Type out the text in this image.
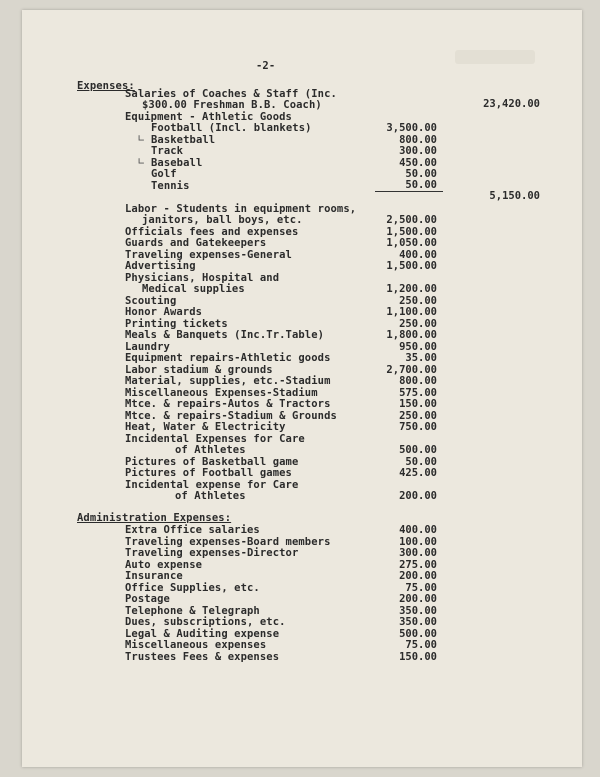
-2-
Expenses:
Salaries of Coaches & Staff (Inc.
$300.00 Freshman B.B. Coach)	23,420.00
Equipment - Athletic Goods
Football (Incl. blankets)	3,500.00
∟ Basketball	800.00
Track	300.00
∟ Baseball	450.00
Golf	50.00
Tennis	50.00
5,150.00
Labor - Students in equipment rooms,
janitors, ball boys, etc.	2,500.00
Officials fees and expenses	1,500.00
Guards and Gatekeepers	1,050.00
Traveling expenses-General	400.00
Advertising	1,500.00
Physicians, Hospital and
Medical supplies	1,200.00
Scouting	250.00
Honor Awards	1,100.00
Printing tickets	250.00
Meals & Banquets (Inc.Tr.Table)	1,800.00
Laundry	950.00
Equipment repairs-Athletic goods	35.00
Labor stadium & grounds	2,700.00
Material, supplies, etc.-Stadium	800.00
Miscellaneous Expenses-Stadium	575.00
Mtce. & repairs-Autos & Tractors	150.00
Mtce. & repairs-Stadium & Grounds	250.00
Heat, Water & Electricity	750.00
Incidental Expenses for Care
of Athletes	500.00
Pictures of Basketball game	50.00
Pictures of Football games	425.00
Incidental expense for Care
of Athletes	200.00
Administration Expenses:
Extra Office salaries	400.00
Traveling expenses-Board members	100.00
Traveling expenses-Director	300.00
Auto expense	275.00
Insurance	200.00
Office Supplies, etc.	75.00
Postage	200.00
Telephone & Telegraph	350.00
Dues, subscriptions, etc.	350.00
Legal & Auditing expense	500.00
Miscellaneous expenses	75.00
Trustees Fees & expenses	150.00
